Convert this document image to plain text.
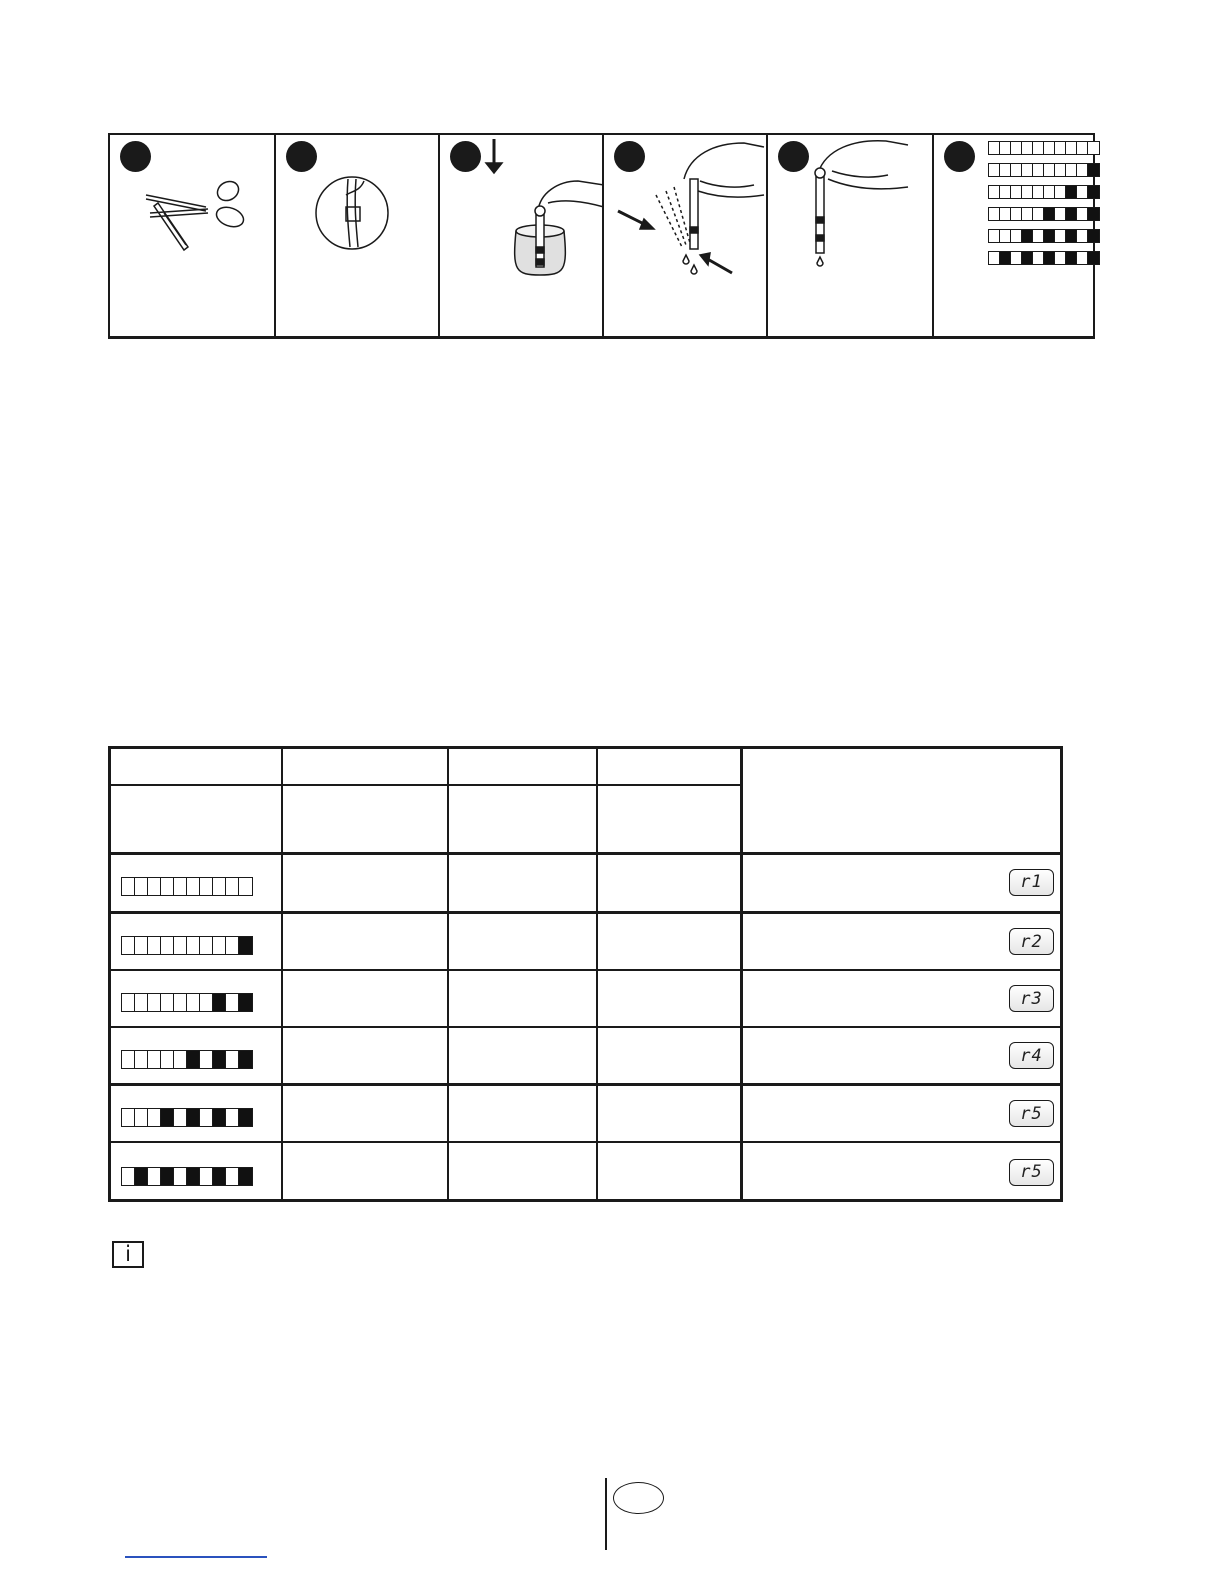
r1
r2
r3
r4
r5
r5
i
